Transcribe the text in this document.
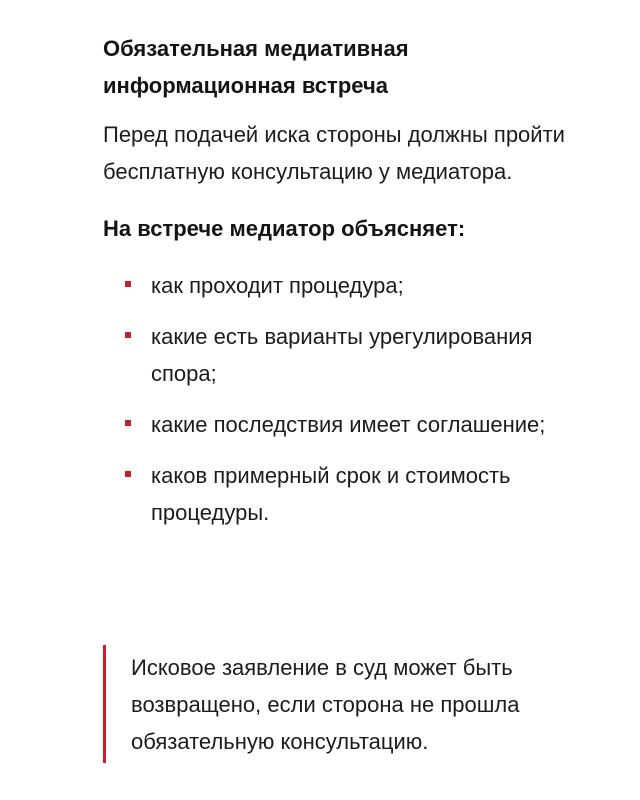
Обязательная медиативная информационная встреча

Перед подачей иска стороны должны пройти бесплатную консультацию у медиатора.

На встрече медиатор объясняет:
как проходит процедура;
какие есть варианты урегулирования спора;
какие последствия имеет соглашение;
каков примерный срок и стоимость процедуры.

Исковое заявление в суд может быть возвращено, если сторона не прошла обязательную консультацию.
